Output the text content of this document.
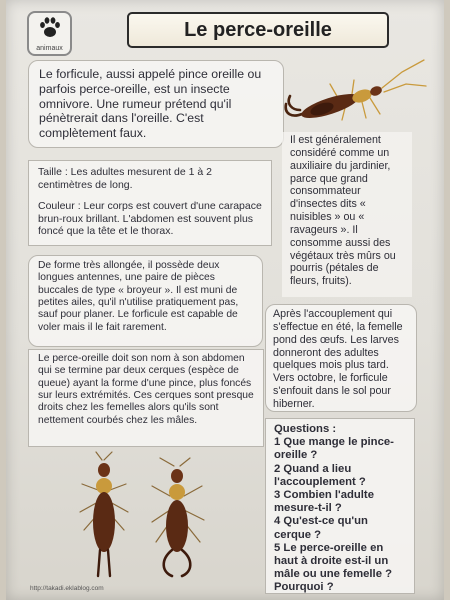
animaux
Le perce-oreille
Le forficule, aussi appelé pince oreille ou parfois perce-oreille, est un insecte omnivore. Une rumeur prétend qu'il pénètrerait dans l'oreille. C'est complètement faux.	Il est généralement considéré comme un auxiliaire du jardinier, parce que grand consommateur d'insectes dits « nuisibles » ou « ravageurs ». Il consomme aussi des végétaux très mûrs ou pourris (pétales de fleurs, fruits).

Taille : Les adultes mesurent de 1 à 2 centimètres de long.

Couleur : Leur corps est couvert d'une carapace brun-roux brillant. L'abdomen est souvent plus foncé que la tête et le thorax.

De forme très allongée, il possède deux longues antennes, une paire de pièces buccales de type « broyeur ». Il est muni de petites ailes, qu'il n'utilise pratiquement pas, sauf pour planer. Le forficule est capable de voler mais il le fait rarement.
Après l'accouplement qui s'effectue en été, la femelle pond des œufs. Les larves donneront des adultes quelques mois plus tard. Vers octobre, le forficule s'enfouit dans le sol pour hiberner.
Le perce-oreille doit son nom à son abdomen qui se termine par deux cerques (espèce de queue) ayant la forme d'une pince, plus foncés sur leurs extrémités. Ces cerques sont presque droits chez les femelles alors qu'ils sont nettement courbés chez les mâles.
Questions :
1 Que mange le pince-oreille ?
2 Quand a lieu l'accouplement ?
3 Combien l'adulte mesure-t-il ?
4 Qu'est-ce qu'un cerque ?
5 Le perce-oreille en haut à droite est-il un mâle ou une femelle ? Pourquoi ?
http://takadi.eklablog.com
